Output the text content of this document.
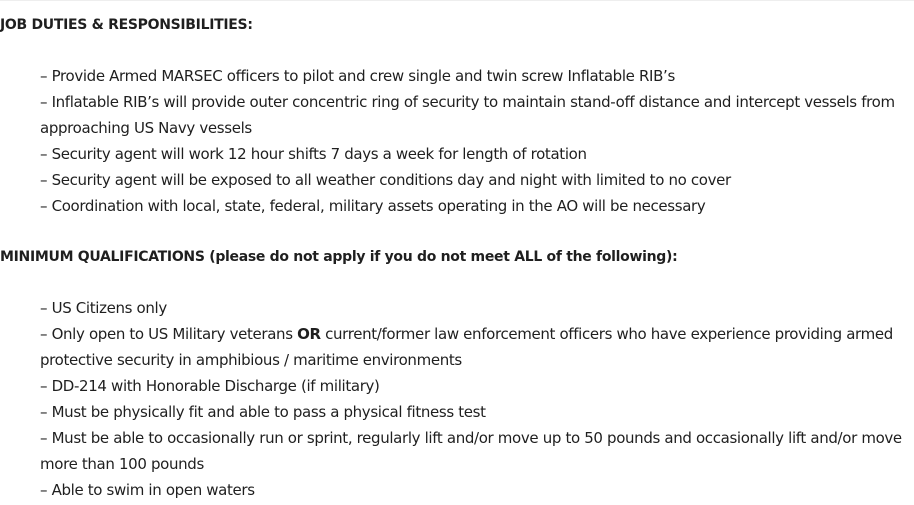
JOB DUTIES & RESPONSIBILITIES:
– Provide Armed MARSEC officers to pilot and crew single and twin screw Inflatable RIB’s
– Inflatable RIB’s will provide outer concentric ring of security to maintain stand-off distance and intercept vessels from approaching US Navy vessels
– Security agent will work 12 hour shifts 7 days a week for length of rotation
– Security agent will be exposed to all weather conditions day and night with limited to no cover
– Coordination with local, state, federal, military assets operating in the AO will be necessary
MINIMUM QUALIFICATIONS (please do not apply if you do not meet ALL of the following):
– US Citizens only
– Only open to US Military veterans OR current/former law enforcement officers who have experience providing armed protective security in amphibious / maritime environments
– DD-214 with Honorable Discharge (if military)
– Must be physically fit and able to pass a physical fitness test
– Must be able to occasionally run or sprint, regularly lift and/or move up to 50 pounds and occasionally lift and/or move more than 100 pounds
– Able to swim in open waters
